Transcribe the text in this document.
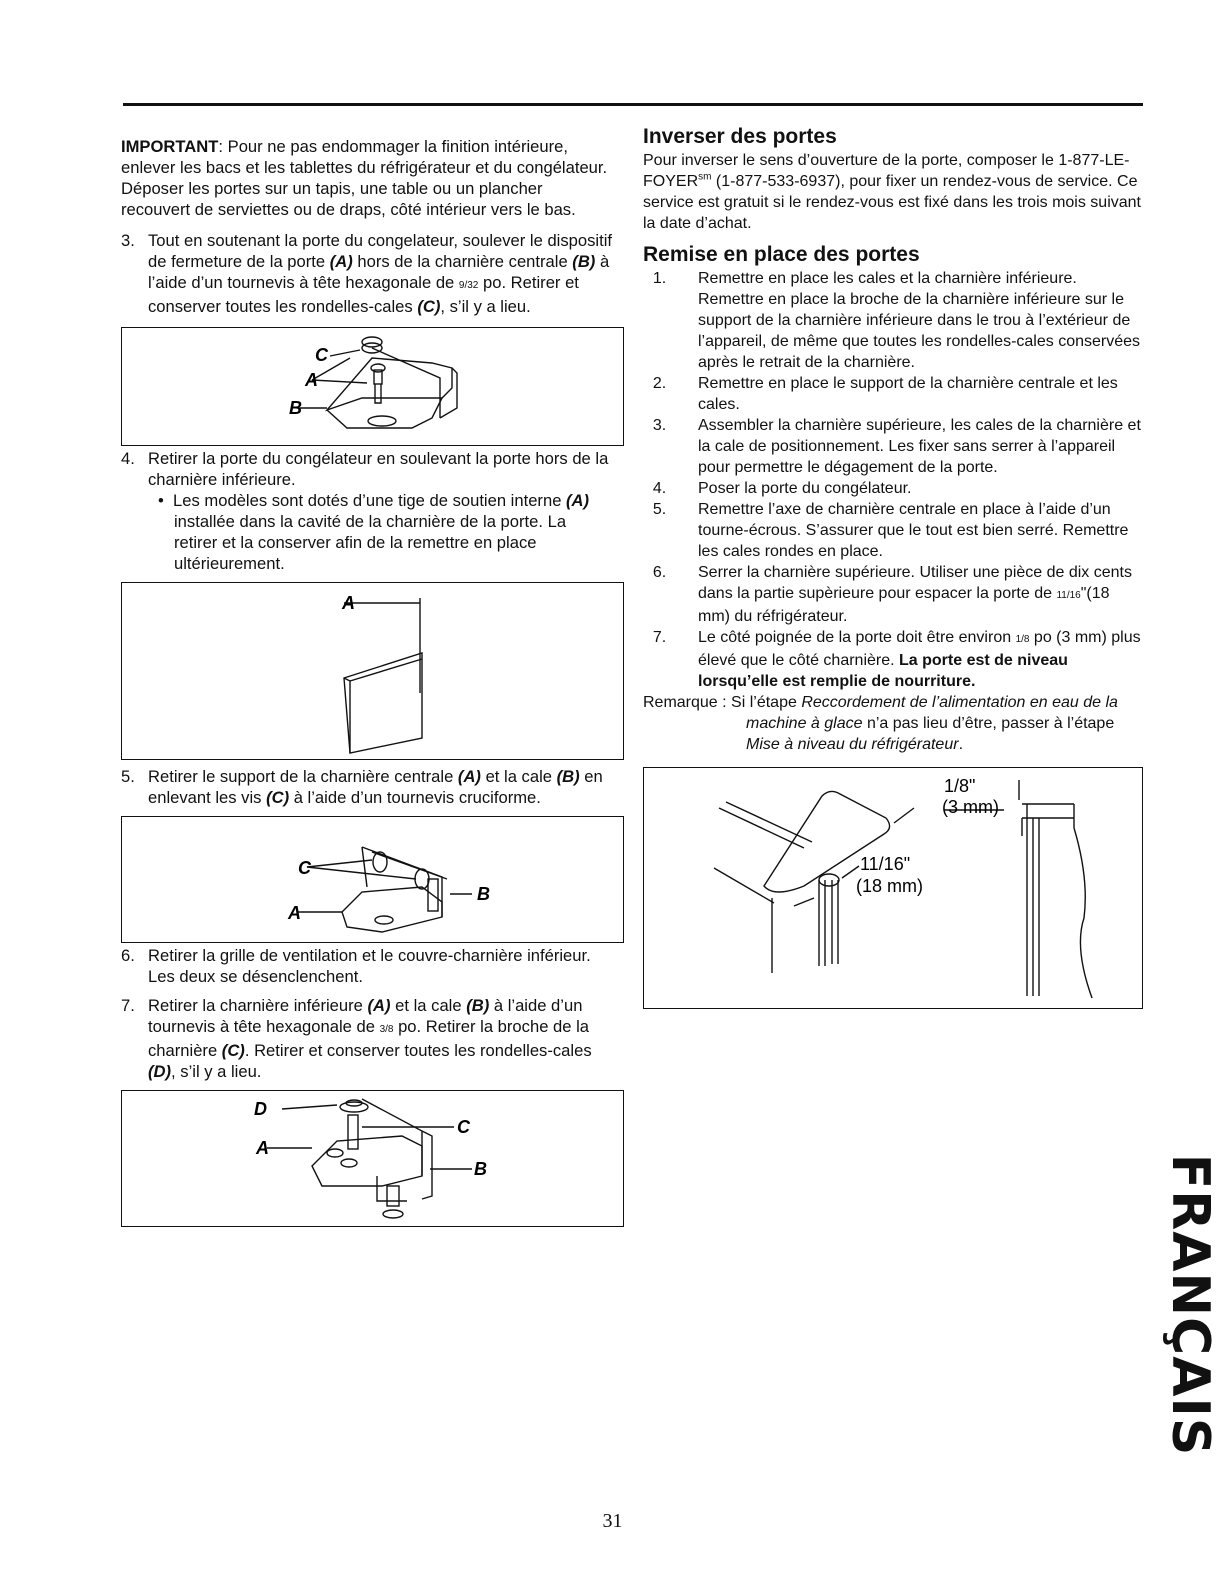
IMPORTANT: Pour ne pas endommager la finition intérieure, enlever les bacs et les tablettes du réfrigérateur et du congélateur. Déposer les portes sur un tapis, une table ou un plancher recouvert de serviettes ou de draps, côté intérieur vers le bas.

3. Tout en soutenant la porte du congelateur, soulever le dispositif de fermeture de la porte (A) hors de la charnière centrale (B) à l’aide d’un tournevis à tête hexagonale de 9/32 po. Retirer et conserver toutes les rondelles-cales (C), s’il y a lieu.

C
A
B

4. Retirer la porte du congélateur en soulevant la porte hors de la charnière inférieure.

• Les modèles sont dotés d’une tige de soutien interne (A) installée dans la cavité de la charnière de la porte. La retirer et la conserver afin de la remettre en place ultérieurement.

A

5. Retirer le support de la charnière centrale (A) et la cale (B) en enlevant les vis (C) à l’aide d’un tournevis cruciforme.

C
A
B

6. Retirer la grille de ventilation et le couvre-charnière inférieur. Les deux se désenclenchent.

7. Retirer la charnière inférieure (A) et la cale (B) à l’aide d’un tournevis à tête hexagonale de 3/8 po. Retirer la broche de la charnière (C). Retirer et conserver toutes les rondelles-cales (D), s’il y a lieu.

D
C
A
B
Inverser des portes

Pour inverser le sens d’ouverture de la porte, composer le $1-877-LE-FOYER^{sm}$ (1-877-533-6937), pour fixer un rendez-vous de service. Ce service est gratuit si le rendez-vous est fixé dans les trois mois suivant la date d’achat.

Remise en place des portes

1. Remettre en place les cales et la charnière inférieure. Remettre en place la broche de la charnière inférieure sur le support de la charnière inférieure dans le trou à l’extérieur de l’appareil, de même que toutes les rondelles-cales conservées après le retrait de la charnière.

2. Remettre en place le support de la charnière centrale et les cales.

3. Assembler la charnière supérieure, les cales de la charnière et la cale de positionnement. Les fixer sans serrer à l’appareil pour permettre le dégagement de la porte.

4. Poser la porte du congélateur.

5. Remettre l’axe de charnière centrale en place à l’aide d’un tourne-écrous. S’assurer que le tout est bien serré. Remettre les cales rondes en place.

6. Serrer la charnière supérieure. Utiliser une pièce de dix cents dans la partie supèrieure pour espacer la porte de 11/16"(18 mm) du réfrigérateur.

7. Le côté poignée de la porte doit être environ 1/8 po (3 mm) plus élevé que le côté charnière. La porte est de niveau lorsqu’elle est remplie de nourriture.

Remarque : Si l’étape Reccordement de l’alimentation en eau de la machine à glace n’a pas lieu d’être, passer à l’étape Mise à niveau du réfrigérateur.

1/8"
(3 mm)
11/16"
(18 mm)
FRANÇAIS
31
